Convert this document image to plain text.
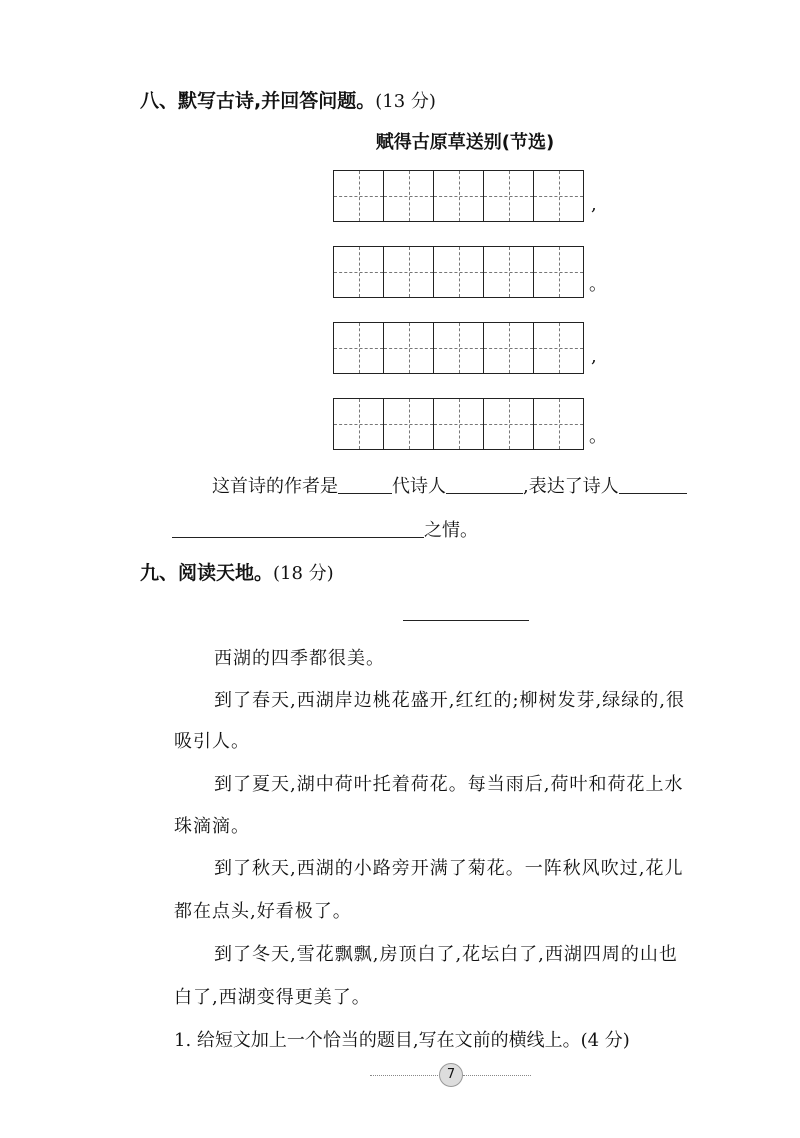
八、默写古诗,并回答问题。(13 分)
赋得古原草送别(节选)
,
。
,
。
这首诗的作者是	代诗人	,表达了诗人
之情。
九、阅读天地。(18 分)
西湖的四季都很美。
到了春天,西湖岸边桃花盛开,红红的;柳树发芽,绿绿的,很
吸引人。
到了夏天,湖中荷叶托着荷花。每当雨后,荷叶和荷花上水
珠滴滴。
到了秋天,西湖的小路旁开满了菊花。一阵秋风吹过,花儿
都在点头,好看极了。
到了冬天,雪花飘飘,房顶白了,花坛白了,西湖四周的山也
白了,西湖变得更美了。
1. 给短文加上一个恰当的题目,写在文前的横线上。(4 分)
7
